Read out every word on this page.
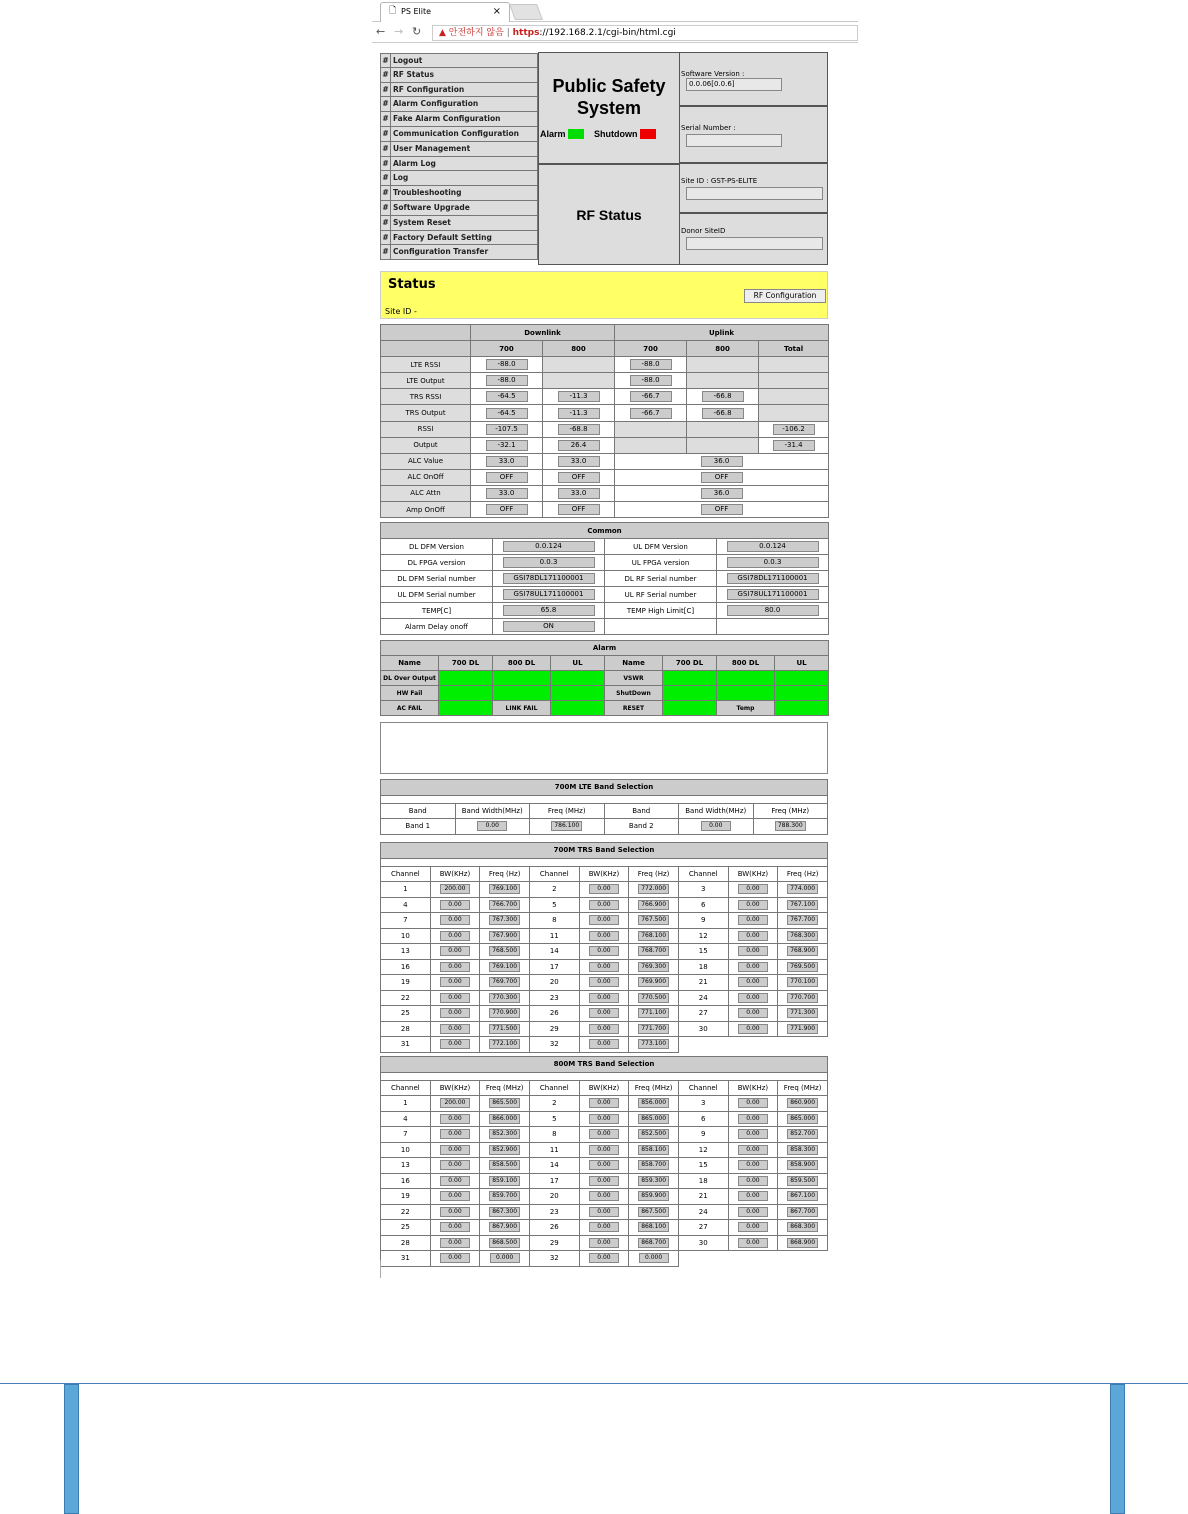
🗋 PS Elite	×
← → ↻	▲ 안전하지 않음 | https://192.168.2.1/cgi-bin/html.cgi
# Logout
# RF Status
# RF Configuration
# Alarm Configuration
# Fake Alarm Configuration
# Communication Configuration
# User Management
# Alarm Log
# Log
# Troubleshooting
# Software Upgrade
# System Reset
# Factory Default Setting
# Configuration Transfer
Public Safety
System
Alarm	Shutdown
RF Status
Software Version :
0.0.06[0.0.6]
Serial Number :
Site ID : GST-PS-ELITE
Donor SiteID
Status
Site ID -
RF Configuration
	Downlink		Uplink		
	700	800	700	800	Total
LTE RSSI	-88.0		-88.0		
LTE Output	-88.0		-88.0		
TRS RSSI	-64.5	-11.3	-66.7	-66.8	
TRS Output	-64.5	-11.3	-66.7	-66.8	
RSSI	-107.5	-68.8			-106.2
Output	-32.1	26.4			-31.4
ALC Value	33.0	33.0	36.0		
ALC OnOff	OFF	OFF	OFF		
ALC Attn	33.0	33.0	36.0		
Amp OnOff	OFF	OFF	OFF		
Common			
DL DFM Version	0.0.124	UL DFM Version	0.0.124
DL FPGA version	0.0.3	UL FPGA version	0.0.3
DL DFM Serial number	GSI78DL171100001	DL RF Serial number	GSI78DL171100001
UL DFM Serial number	GSI78UL171100001	UL RF Serial number	GSI78UL171100001
TEMP[C]	65.8	TEMP High Limit[C]	80.0
Alarm Delay onoff	ON		
Alarm							
Name	700 DL	800 DL	UL	Name	700 DL	800 DL	UL
DL Over Output				VSWR			
HW Fail				ShutDown			
AC FAIL		LINK FAIL		RESET		Temp	
700M LTE Band Selection					

Band	Band Width(MHz)	Freq (MHz)	Band	Band Width(MHz)	Freq (MHz)
Band 1	0.00	786.100	Band 2	0.00	788.300
700M TRS Band Selection								

Channel	BW(KHz)	Freq (Hz)	Channel	BW(KHz)	Freq (Hz)	Channel	BW(KHz)	Freq (Hz)
1	200.00	769.100	2	0.00	772.000	3	0.00	774.000
4	0.00	766.700	5	0.00	766.900	6	0.00	767.100
7	0.00	767.300	8	0.00	767.500	9	0.00	767.700
10	0.00	767.900	11	0.00	768.100	12	0.00	768.300
13	0.00	768.500	14	0.00	768.700	15	0.00	768.900
16	0.00	769.100	17	0.00	769.300	18	0.00	769.500
19	0.00	769.700	20	0.00	769.900	21	0.00	770.100
22	0.00	770.300	23	0.00	770.500	24	0.00	770.700
25	0.00	770.900	26	0.00	771.100	27	0.00	771.300
28	0.00	771.500	29	0.00	771.700	30	0.00	771.900
31	0.00	772.100	32	0.00	773.100			
800M TRS Band Selection								

Channel	BW(KHz)	Freq (MHz)	Channel	BW(KHz)	Freq (MHz)	Channel	BW(KHz)	Freq (MHz)
1	200.00	865.500	2	0.00	856.000	3	0.00	860.900
4	0.00	866.000	5	0.00	865.000	6	0.00	865.000
7	0.00	852.300	8	0.00	852.500	9	0.00	852.700
10	0.00	852.900	11	0.00	858.100	12	0.00	858.300
13	0.00	858.500	14	0.00	858.700	15	0.00	858.900
16	0.00	859.100	17	0.00	859.300	18	0.00	859.500
19	0.00	859.700	20	0.00	859.900	21	0.00	867.100
22	0.00	867.300	23	0.00	867.500	24	0.00	867.700
25	0.00	867.900	26	0.00	868.100	27	0.00	868.300
28	0.00	868.500	29	0.00	868.700	30	0.00	868.900
31	0.00	0.000	32	0.00	0.000			
